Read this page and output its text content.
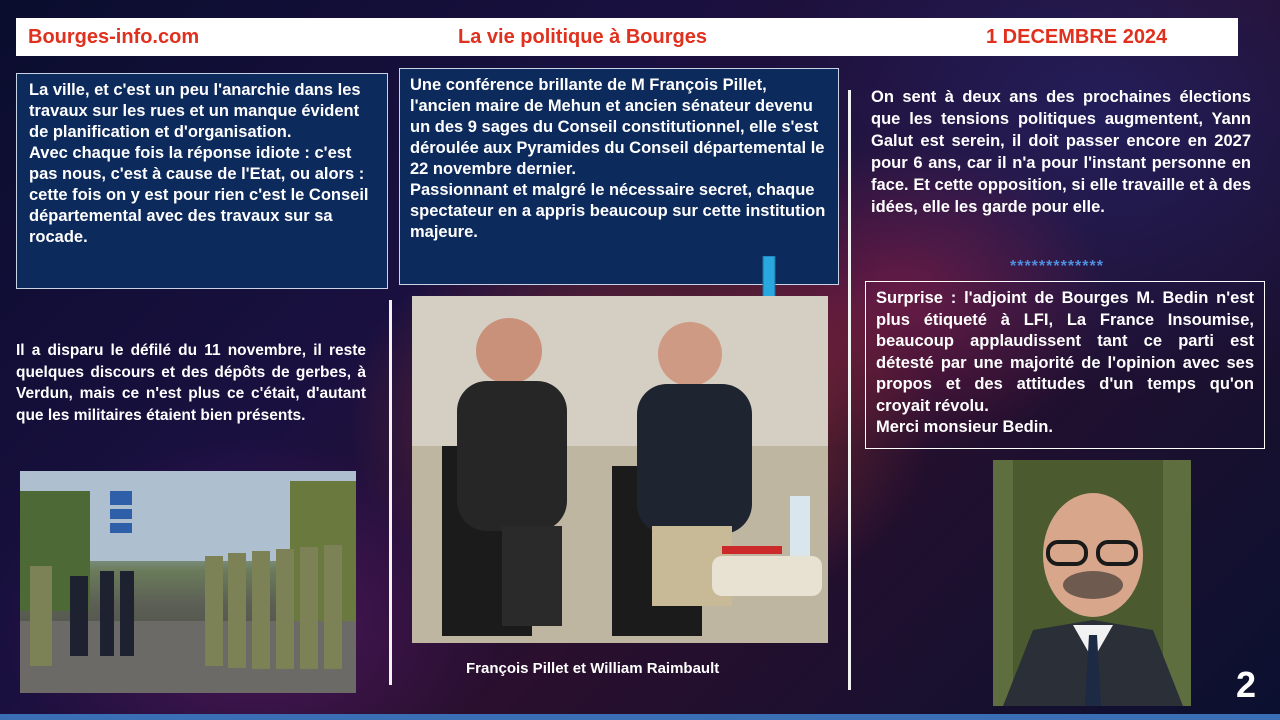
Bourges-info.com	La vie politique à Bourges	1 DECEMBRE 2024

La ville, et c'est un peu l'anarchie dans les travaux sur les rues et un manque évident de planification et d'organisation.

Avec chaque fois la réponse idiote : c'est pas nous, c'est à cause de l'Etat, ou alors : cette fois on y est pour rien c'est le Conseil départemental avec des travaux sur sa rocade.

Une conférence brillante de M François Pillet, l'ancien maire de Mehun et ancien sénateur devenu un des 9 sages du Conseil constitutionnel, elle s'est déroulée aux Pyramides du Conseil départemental le 22 novembre dernier.

Passionnant et malgré le nécessaire secret, chaque spectateur en a appris beaucoup sur cette institution majeure.

Il a disparu le défilé du 11 novembre, il reste quelques discours et des dépôts de gerbes, à Verdun, mais ce n'est plus ce c'était, d'autant que les militaires étaient bien présents.
François Pillet et William Raimbault
On sent à deux ans des prochaines élections que les tensions politiques augmentent, Yann Galut est serein, il doit passer encore en 2027 pour 6 ans, car il n'a pour l'instant personne en face. Et cette opposition, si elle travaille et à des idées, elle les garde pour elle.
*************

Surprise : l'adjoint de Bourges M. Bedin n'est plus étiqueté à LFI, La France Insoumise, beaucoup applaudissent tant ce parti est détesté par une majorité de l'opinion avec ses propos et des attitudes d'un temps qu'on croyait révolu.

Merci monsieur Bedin.

2
